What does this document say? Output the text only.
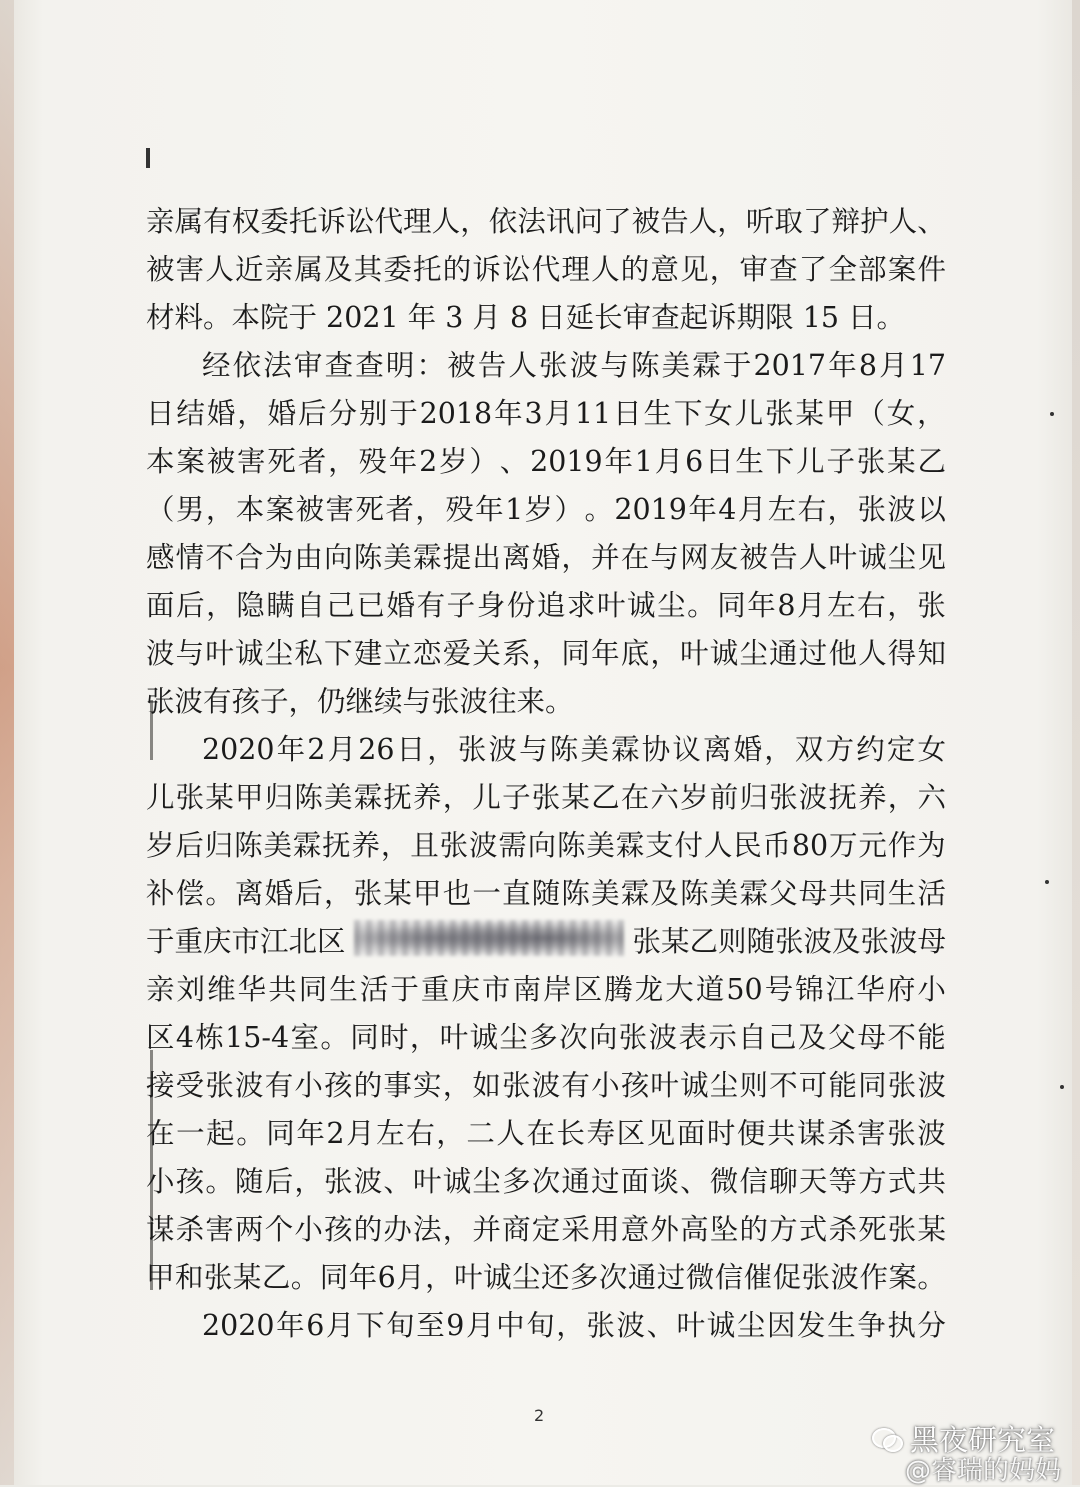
亲 属 有 权 委 托 诉 讼 代 理 人 ， 依 法 讯 问 了 被 告 人 ， 听 取 了 辩 护 人 、
被 害 人 近 亲 属 及 其 委 托 的 诉 讼 代 理 人 的 意 见 ， 审 查 了 全 部 案 件
材料。本院于 2021 年 3 月 8 日延长审查起诉期限 15 日。
经 依 法 审 查 查 明 ： 被 告 人 张 波 与 陈 美 霖 于 2017 年 8 月 17
日 结 婚 ， 婚 后 分 别 于 2018 年 3 月 11 日 生 下 女 儿 张 某 甲 （ 女 ，
本 案 被 害 死 者 ， 殁 年 2 岁 ） 、 2019 年 1 月 6 日 生 下 儿 子 张 某 乙
（ 男 ， 本 案 被 害 死 者 ， 殁 年 1 岁 ） 。 2019 年 4 月 左 右 ， 张 波 以
感 情 不 合 为 由 向 陈 美 霖 提 出 离 婚 ， 并 在 与 网 友 被 告 人 叶 诚 尘 见
面 后 ， 隐 瞒 自 己 已 婚 有 子 身 份 追 求 叶 诚 尘 。 同 年 8 月 左 右 ， 张
波 与 叶 诚 尘 私 下 建 立 恋 爱 关 系 ， 同 年 底 ， 叶 诚 尘 通 过 他 人 得 知
张波有孩子，仍继续与张波往来。
2020 年 2 月 26 日 ， 张 波 与 陈 美 霖 协 议 离 婚 ， 双 方 约 定 女
儿 张 某 甲 归 陈 美 霖 抚 养 ， 儿 子 张 某 乙 在 六 岁 前 归 张 波 抚 养 ， 六
岁 后 归 陈 美 霖 抚 养 ， 且 张 波 需 向 陈 美 霖 支 付 人 民 币 80 万 元 作 为
补 偿 。 离 婚 后 ， 张 某 甲 也 一 直 随 陈 美 霖 及 陈 美 霖 父 母 共 同 生 活
于重庆市江北区	张某乙则随张波及张波母
亲 刘 维 华 共 同 生 活 于 重 庆 市 南 岸 区 腾 龙 大 道 50 号 锦 江 华 府 小
区 4 栋 15-4 室 。 同 时 ， 叶 诚 尘 多 次 向 张 波 表 示 自 己 及 父 母 不 能
接 受 张 波 有 小 孩 的 事 实 ， 如 张 波 有 小 孩 叶 诚 尘 则 不 可 能 同 张 波
在 一 起 。 同 年 2 月 左 右 ， 二 人 在 长 寿 区 见 面 时 便 共 谋 杀 害 张 波
小 孩 。 随 后 ， 张 波 、 叶 诚 尘 多 次 通 过 面 谈 、 微 信 聊 天 等 方 式 共
谋 杀 害 两 个 小 孩 的 办 法 ， 并 商 定 采 用 意 外 高 坠 的 方 式 杀 死 张 某
甲 和 张 某 乙 。 同 年 6 月 ， 叶 诚 尘 还 多 次 通 过 微 信 催 促 张 波 作 案 。
2020 年 6 月 下 旬 至 9 月 中 旬 ， 张 波 、 叶 诚 尘 因 发 生 争 执 分
2
黑夜研究室
@睿瑞的妈妈
